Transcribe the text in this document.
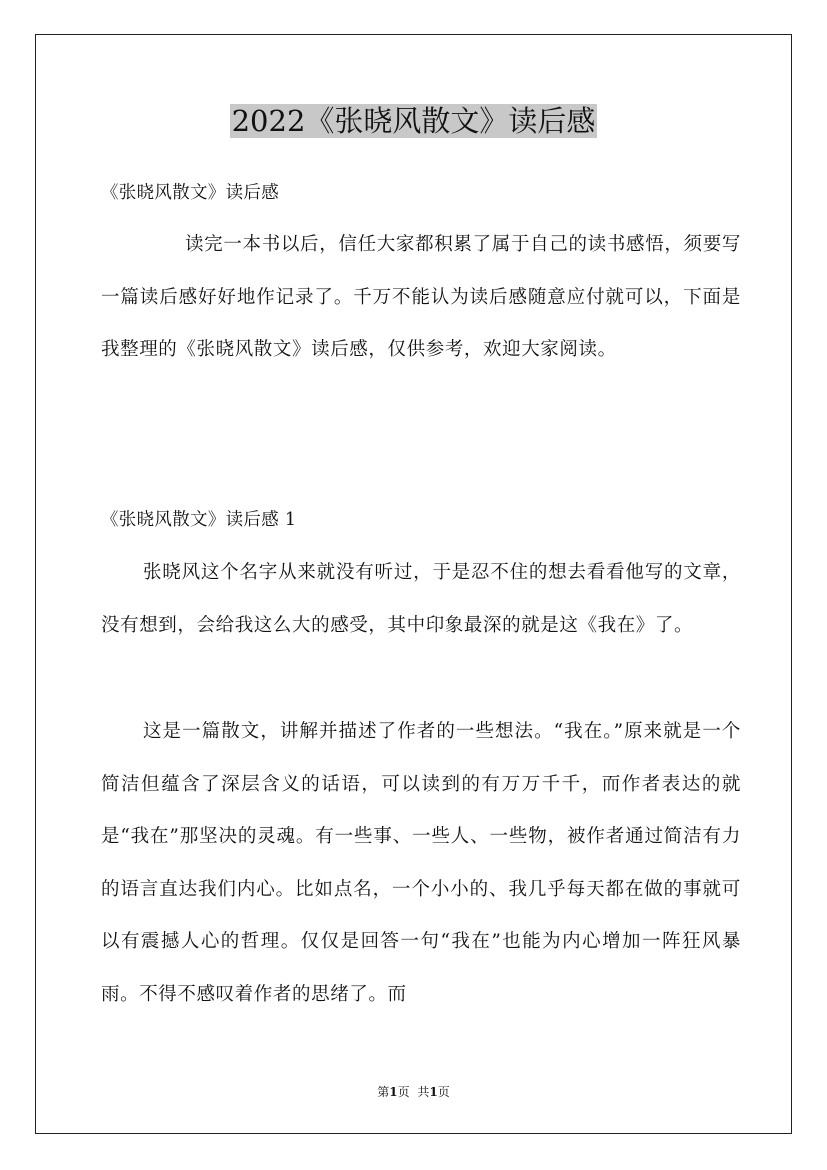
2022《张晓风散文》读后感

《张晓风散文》读后感

读完一本书以后，信任大家都积累了属于自己的读书感悟，须要写一篇读后感好好地作记录了。千万不能认为读后感随意应付就可以，下面是我整理的《张晓风散文》读后感，仅供参考，欢迎大家阅读。

《张晓风散文》读后感 1

张晓风这个名字从来就没有听过，于是忍不住的想去看看他写的文章，没有想到，会给我这么大的感受，其中印象最深的就是这《我在》了。

这是一篇散文，讲解并描述了作者的一些想法。“我在。”原来就是一个简洁但蕴含了深层含义的话语，可以读到的有万万千千，而作者表达的就是“我在”那坚决的灵魂。有一些事、一些人、一些物，被作者通过简洁有力的语言直达我们内心。比如点名，一个小小的、我几乎每天都在做的事就可以有震撼人心的哲理。仅仅是回答一句“我在”也能为内心增加一阵狂风暴雨。不得不感叹着作者的思绪了。而

第1页 共1页
